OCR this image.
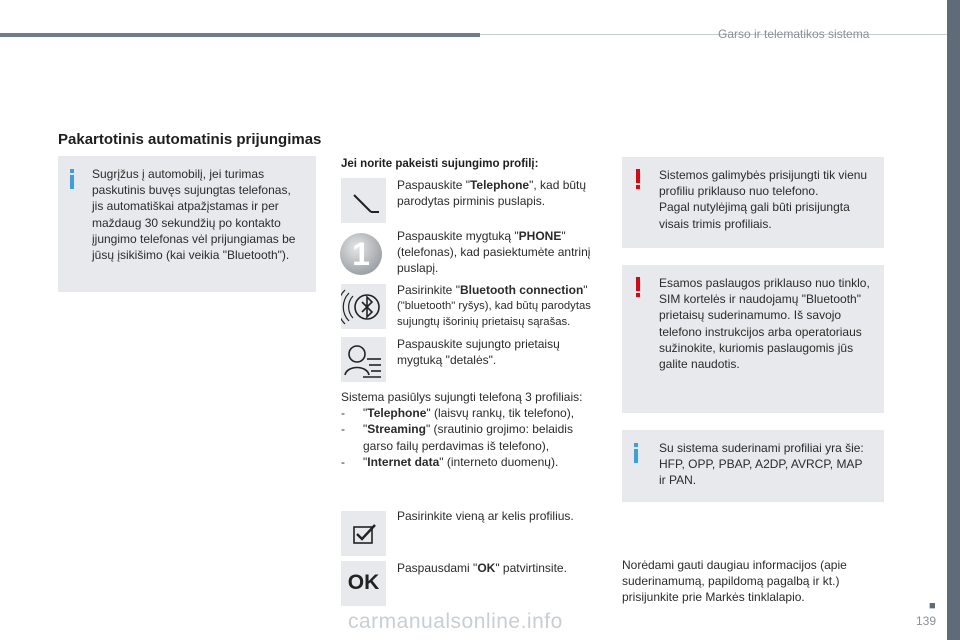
Garso ir telematikos sistema
■
139
carmanualsonline.info
Pakartotinis automatinis prijungimas
Sugrįžus į automobilį, jei turimas
paskutinis buvęs sujungtas telefonas,
jis automatiškai atpažįstamas ir per
maždaug 30 sekundžių po kontakto
įjungimo telefonas vėl prijungiamas be
jūsų įsikišimo (kai veikia "Bluetooth").
Jei norite pakeisti sujungimo profilį:
1
OK
Paspauskite "Telephone", kad būtų
parodytas pirminis puslapis.
Paspauskite mygtuką "PHONE"
(telefonas), kad pasiektumėte antrinį
puslapį.
Pasirinkite "Bluetooth connection"
("bluetooth" ryšys), kad būtų parodytas
sujungtų išorinių prietaisų sąrašas.
Paspauskite sujungto prietaisų
mygtuką "detalės".
Sistema pasiūlys sujungti telefoną 3 profiliais:
- "Telephone" (laisvų rankų, tik telefono),
- "Streaming" (srautinio grojimo: belaidis
garso failų perdavimas iš telefono),
- "Internet data" (interneto duomenų).
Pasirinkite vieną ar kelis profilius.
Paspausdami "OK" patvirtinsite.
Sistemos galimybės prisijungti tik vienu
profiliu priklauso nuo telefono.
Pagal nutylėjimą gali būti prisijungta
visais trimis profiliais.
Esamos paslaugos priklauso nuo tinklo,
SIM kortelės ir naudojamų "Bluetooth"
prietaisų suderinamumo. Iš savojo
telefono instrukcijos arba operatoriaus
sužinokite, kuriomis paslaugomis jūs
galite naudotis.
Su sistema suderinami profiliai yra šie:
HFP, OPP, PBAP, A2DP, AVRCP, MAP
ir PAN.
Norėdami gauti daugiau informacijos (apie suderinamumą, papildomą pagalbą ir kt.) prisijunkite prie Markės tinklalapio.
